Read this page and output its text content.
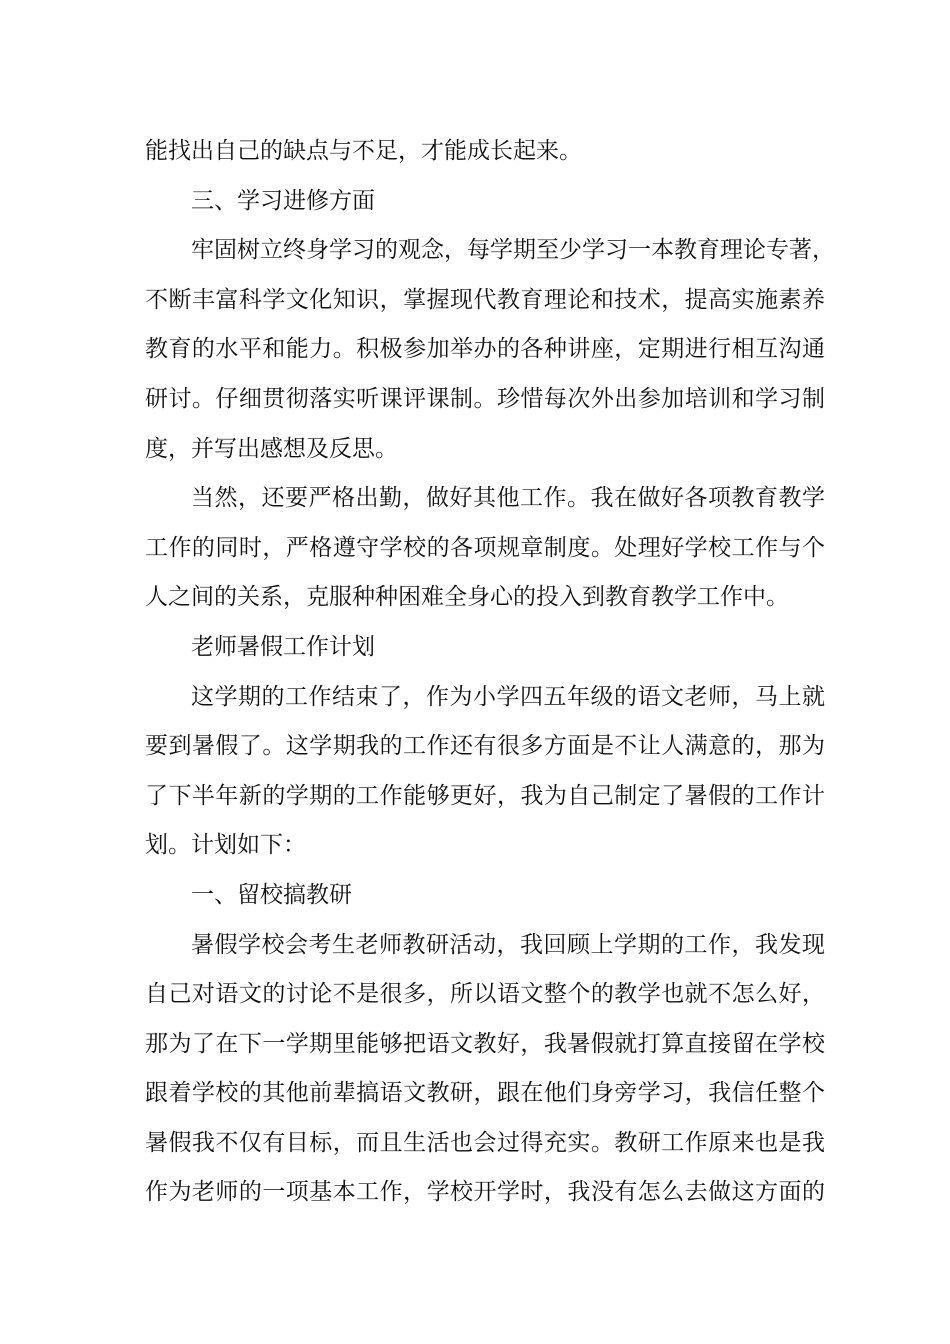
能找出自己的缺点与不足，才能成长起来。
三、学习进修方面
牢固树立终身学习的观念，每学期至少学习一本教育理论专著，
不断丰富科学文化知识，掌握现代教育理论和技术，提高实施素养
教育的水平和能力。积极参加举办的各种讲座，定期进行相互沟通
研讨。仔细贯彻落实听课评课制。珍惜每次外出参加培训和学习制
度，并写出感想及反思。
当然，还要严格出勤，做好其他工作。我在做好各项教育教学
工作的同时，严格遵守学校的各项规章制度。处理好学校工作与个
人之间的关系，克服种种困难全身心的投入到教育教学工作中。
老师暑假工作计划
这学期的工作结束了，作为小学四五年级的语文老师，马上就
要到暑假了。这学期我的工作还有很多方面是不让人满意的，那为
了下半年新的学期的工作能够更好，我为自己制定了暑假的工作计
划。计划如下：
一、留校搞教研
暑假学校会考生老师教研活动，我回顾上学期的工作，我发现
自己对语文的讨论不是很多，所以语文整个的教学也就不怎么好，
那为了在下一学期里能够把语文教好，我暑假就打算直接留在学校
跟着学校的其他前辈搞语文教研，跟在他们身旁学习，我信任整个
暑假我不仅有目标，而且生活也会过得充实。教研工作原来也是我
作为老师的一项基本工作，学校开学时，我没有怎么去做这方面的
